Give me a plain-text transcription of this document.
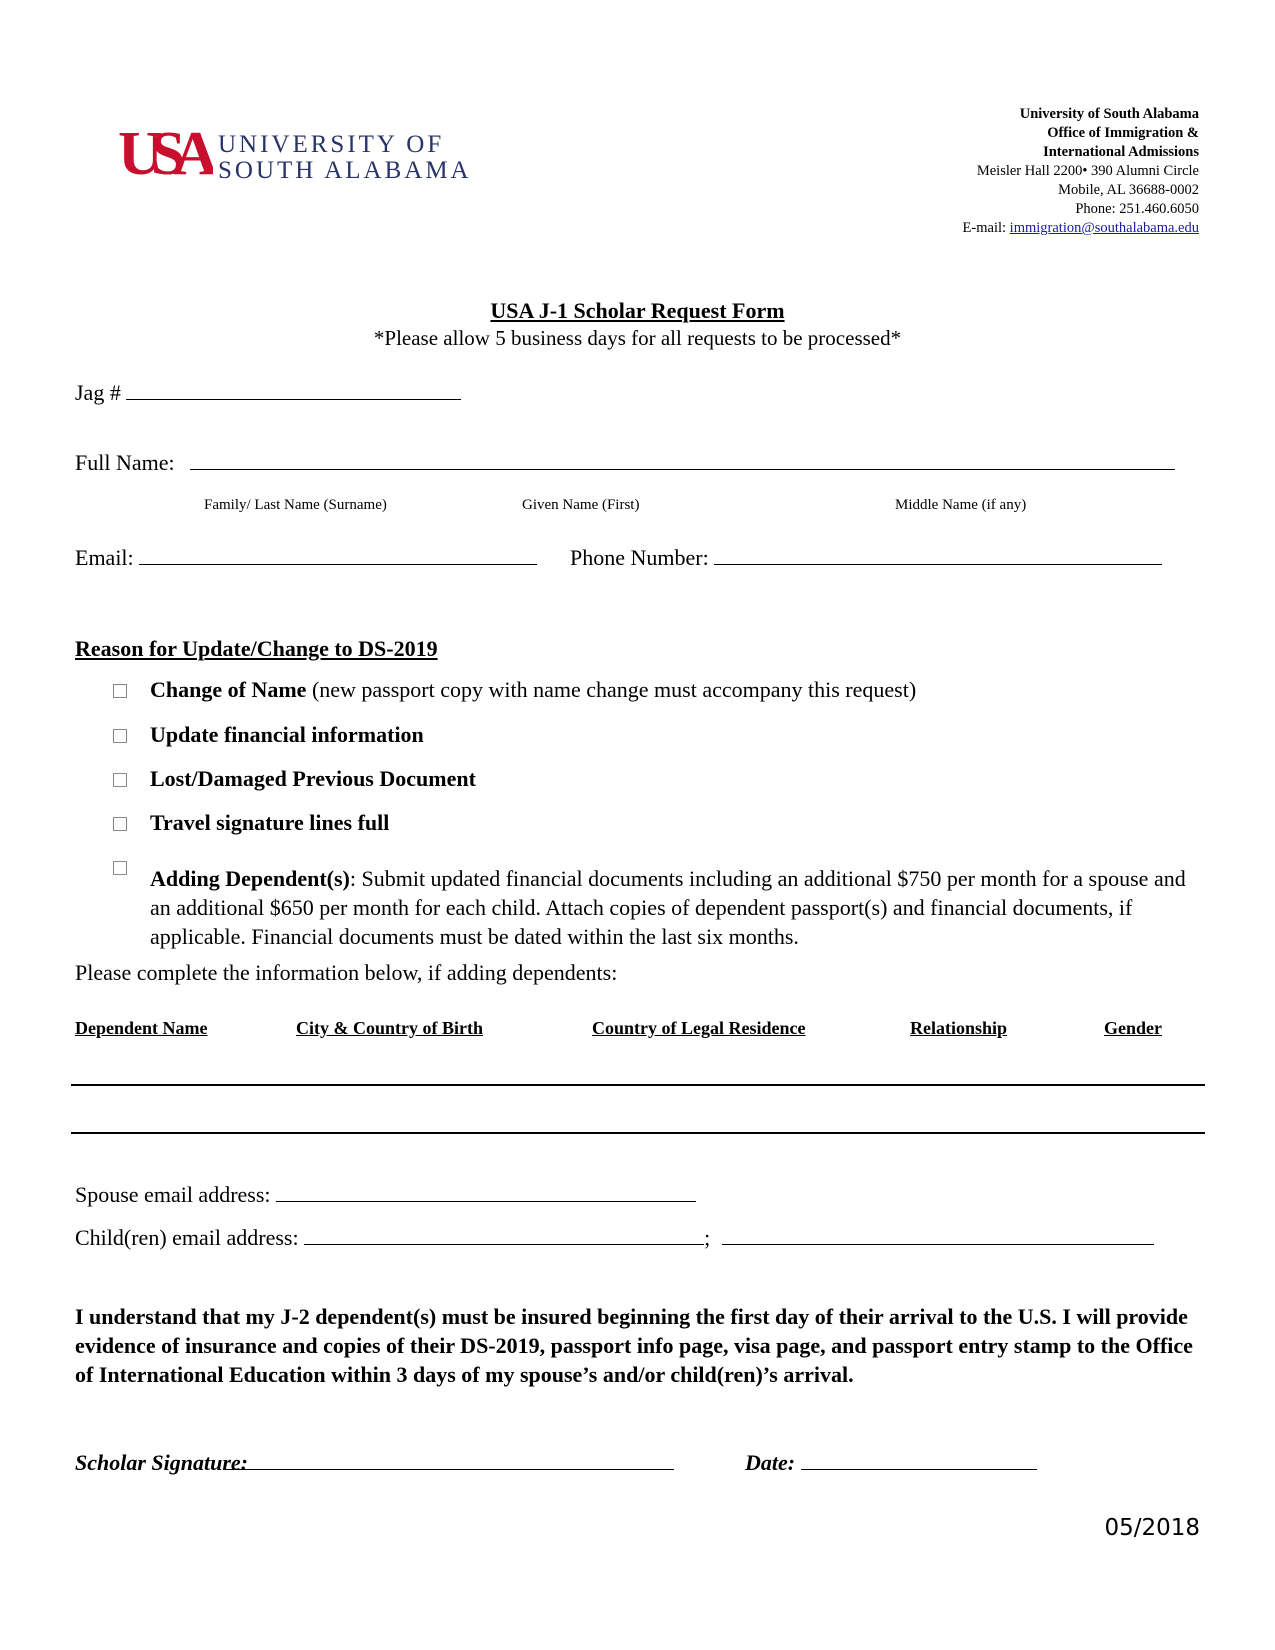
USA UNIVERSITY OF
SOUTH ALABAMA
University of South Alabama
Office of Immigration &
International Admissions
Meisler Hall 2200• 390 Alumni Circle
Mobile, AL 36688-0002
Phone: 251.460.6050
E-mail: immigration@southalabama.edu
USA J-1 Scholar Request Form
*Please allow 5 business days for all requests to be processed*
Jag #
Full Name:
Family/ Last Name (Surname)	Given Name (First)	Middle Name (if any)
Email:	Phone Number:
Reason for Update/Change to DS-2019
Change of Name (new passport copy with name change must accompany this request)
Update financial information
Lost/Damaged Previous Document
Travel signature lines full
Adding Dependent(s): Submit updated financial documents including an additional $750 per month for a spouse and an additional $650 per month for each child. Attach copies of dependent passport(s) and financial documents, if applicable. Financial documents must be dated within the last six months.
Please complete the information below, if adding dependents:
Dependent Name	City & Country of Birth	Country of Legal Residence	Relationship	Gender
Spouse email address:
Child(ren) email address:	;
I understand that my J-2 dependent(s) must be insured beginning the first day of their arrival to the U.S. I will provide evidence of insurance and copies of their DS-2019, passport info page, visa page, and passport entry stamp to the Office of International Education within 3 days of my spouse’s and/or child(ren)’s arrival.
Scholar Signature:	Date:
05/2018
